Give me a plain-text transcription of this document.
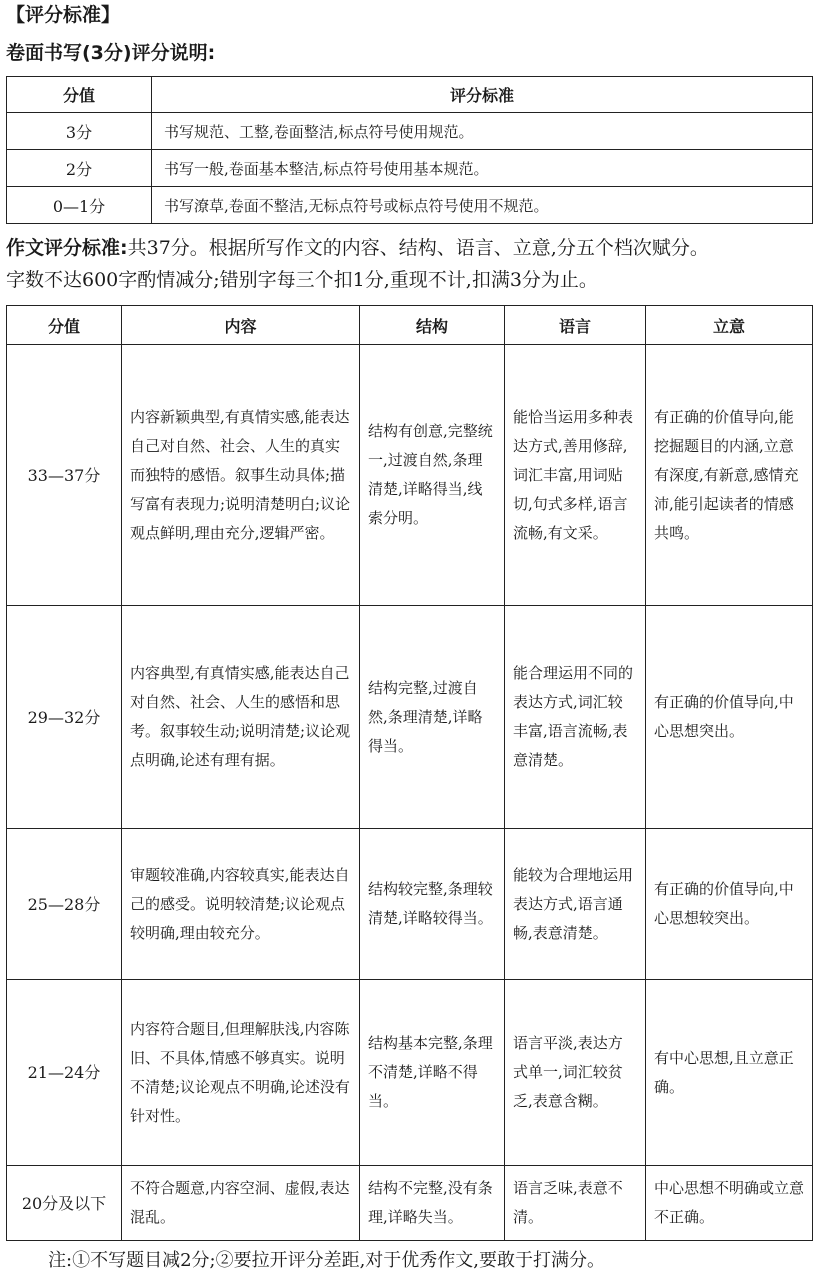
【评分标准】
卷面书写(3分)评分说明:
分值	评分标准
3分	书写规范、工整,卷面整洁,标点符号使用规范。
2分	书写一般,卷面基本整洁,标点符号使用基本规范。
0—1分	书写潦草,卷面不整洁,无标点符号或标点符号使用不规范。
作文评分标准:共37分。根据所写作文的内容、结构、语言、立意,分五个档次赋分。
字数不达600字酌情减分;错别字每三个扣1分,重现不计,扣满3分为止。
分值	内容	结构	语言	立意
33—37分	内容新颖典型,有真情实感,能表达自己对自然、社会、人生的真实而独特的感悟。叙事生动具体;描写富有表现力;说明清楚明白;议论观点鲜明,理由充分,逻辑严密。	结构有创意,完整统一,过渡自然,条理清楚,详略得当,线索分明。	能恰当运用多种表达方式,善用修辞,词汇丰富,用词贴切,句式多样,语言流畅,有文采。	有正确的价值导向,能挖掘题目的内涵,立意有深度,有新意,感情充沛,能引起读者的情感共鸣。
29—32分	内容典型,有真情实感,能表达自己对自然、社会、人生的感悟和思考。叙事较生动;说明清楚;议论观点明确,论述有理有据。	结构完整,过渡自然,条理清楚,详略得当。	能合理运用不同的表达方式,词汇较丰富,语言流畅,表意清楚。	有正确的价值导向,中心思想突出。
25—28分	审题较准确,内容较真实,能表达自己的感受。说明较清楚;议论观点较明确,理由较充分。	结构较完整,条理较清楚,详略较得当。	能较为合理地运用表达方式,语言通畅,表意清楚。	有正确的价值导向,中心思想较突出。
21—24分	内容符合题目,但理解肤浅,内容陈旧、不具体,情感不够真实。说明不清楚;议论观点不明确,论述没有针对性。	结构基本完整,条理不清楚,详略不得当。	语言平淡,表达方式单一,词汇较贫乏,表意含糊。	有中心思想,且立意正确。
20分及以下	不符合题意,内容空洞、虚假,表达混乱。	结构不完整,没有条理,详略失当。	语言乏味,表意不清。	中心思想不明确或立意不正确。
注:①不写题目减2分;②要拉开评分差距,对于优秀作文,要敢于打满分。
